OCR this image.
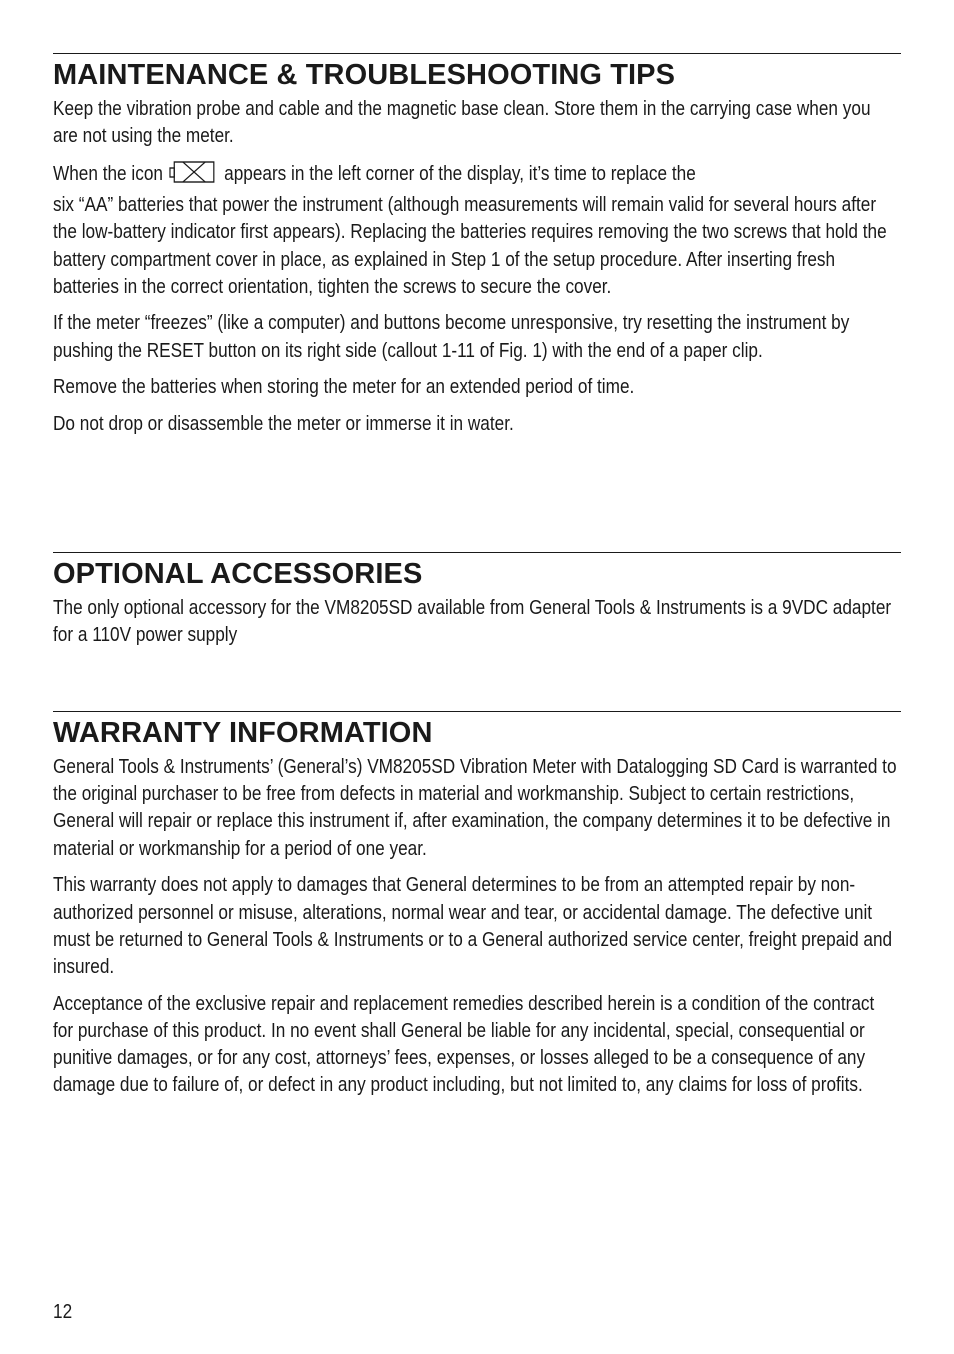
MAINTENANCE & TROUBLESHOOTING TIPS

Keep the vibration probe and cable and the magnetic base clean. Store them in the carrying case when you are not using the meter.

When the icon	appears in the left corner of the display, it’s time to replace the
six “AA” batteries that power the instrument (although measurements will remain valid for several hours after the low-battery indicator first appears). Replacing the batteries requires removing the two screws that hold the battery compartment cover in place, as explained in Step 1 of the setup procedure. After inserting fresh batteries in the correct orientation, tighten the screws to secure the cover.

If the meter “freezes” (like a computer) and buttons become unresponsive, try resetting the instrument by pushing the RESET button on its right side (callout 1-11 of Fig. 1) with the end of a paper clip.

Remove the batteries when storing the meter for an extended period of time.

Do not drop or disassemble the meter or immerse it in water.

OPTIONAL ACCESSORIES

The only optional accessory for the VM8205SD available from General Tools & Instruments is a 9VDC adapter for a 110V power supply

WARRANTY INFORMATION

General Tools & Instruments’ (General’s) VM8205SD Vibration Meter with Datalogging SD Card is warranted to the original purchaser to be free from defects in material and workmanship. Subject to certain restrictions, General will repair or replace this instrument if, after examination, the company determines it to be defective in material or workmanship for a period of one year.

This warranty does not apply to damages that General determines to be from an attempted repair by non-authorized personnel or misuse, alterations, normal wear and tear, or accidental damage. The defective unit must be returned to General Tools & Instruments or to a General authorized service center, freight prepaid and insured.

Acceptance of the exclusive repair and replacement remedies described herein is a condition of the contract for purchase of this product. In no event shall General be liable for any incidental, special, consequential or punitive damages, or for any cost, attorneys’ fees, expenses, or losses alleged to be a consequence of any damage due to failure of, or defect in any product including, but not limited to, any claims for loss of profits.

12
